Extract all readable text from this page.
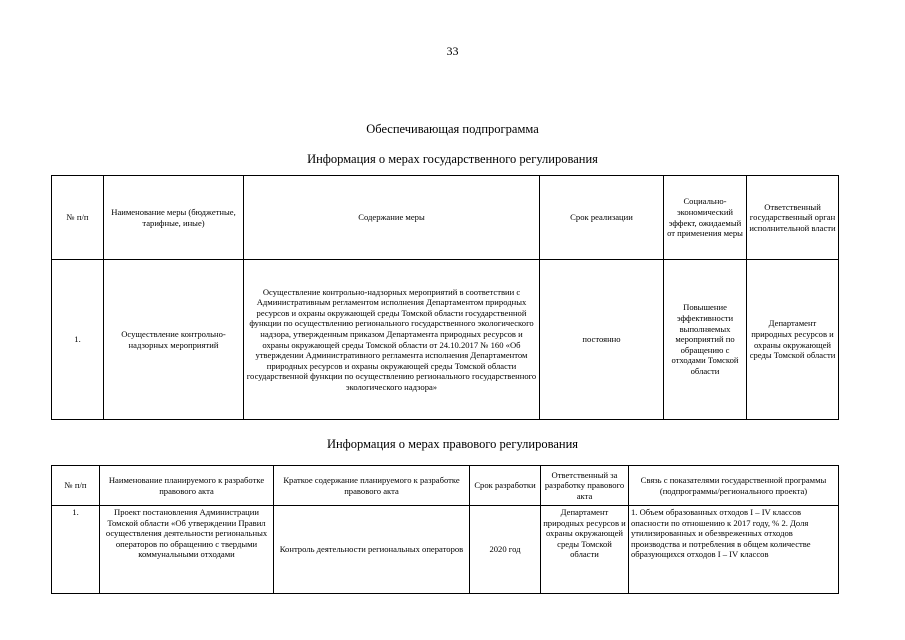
33
Обеспечивающая подпрограмма
Информация о мерах государственного регулирования
№ п/п	Наименование меры (бюджетные, тарифные, иные)	Содержание меры	Срок реализации	Социально-экономический эффект, ожидаемый от применения меры	Ответственный государственный орган исполнительной власти
1.	Осуществление контрольно-надзорных мероприятий	Осуществление контрольно-надзорных мероприятий в соответствии с Административным регламентом исполнения Департаментом природных ресурсов и охраны окружающей среды Томской области государственной функции по осуществлению регионального государственного экологического надзора, утвержденным приказом Департамента природных ресурсов и охраны окружающей среды Томской области от 24.10.2017 № 160 «Об утверждении Административного регламента исполнения Департаментом природных ресурсов и охраны окружающей среды Томской области государственной функции по осуществлению регионального государственного экологического надзора»	постоянно	Повышение эффективности выполняемых мероприятий по обращению с отходами Томской области	Департамент природных ресурсов и охраны окружающей среды Томской области
Информация о мерах правового регулирования
№ п/п	Наименование планируемого к разработке правового акта	Краткое содержание планируемого к разработке правового акта	Срок разработки	Ответственный за разработку правового акта	Связь с показателями государственной программы (подпрограммы/регионального проекта)
1.	Проект постановления Администрации Томской области «Об утверждении Правил осуществления деятельности региональных операторов по обращению с твердыми коммунальными отходами	Контроль деятельности региональных операторов	2020 год	Департамент природных ресурсов и охраны окружающей среды Томской области	1. Объем образованных отходов I – IV классов опасности по отношению к 2017 году, % 2. Доля утилизированных и обезвреженных отходов производства и потребления в общем количестве образующихся отходов I – IV классов
